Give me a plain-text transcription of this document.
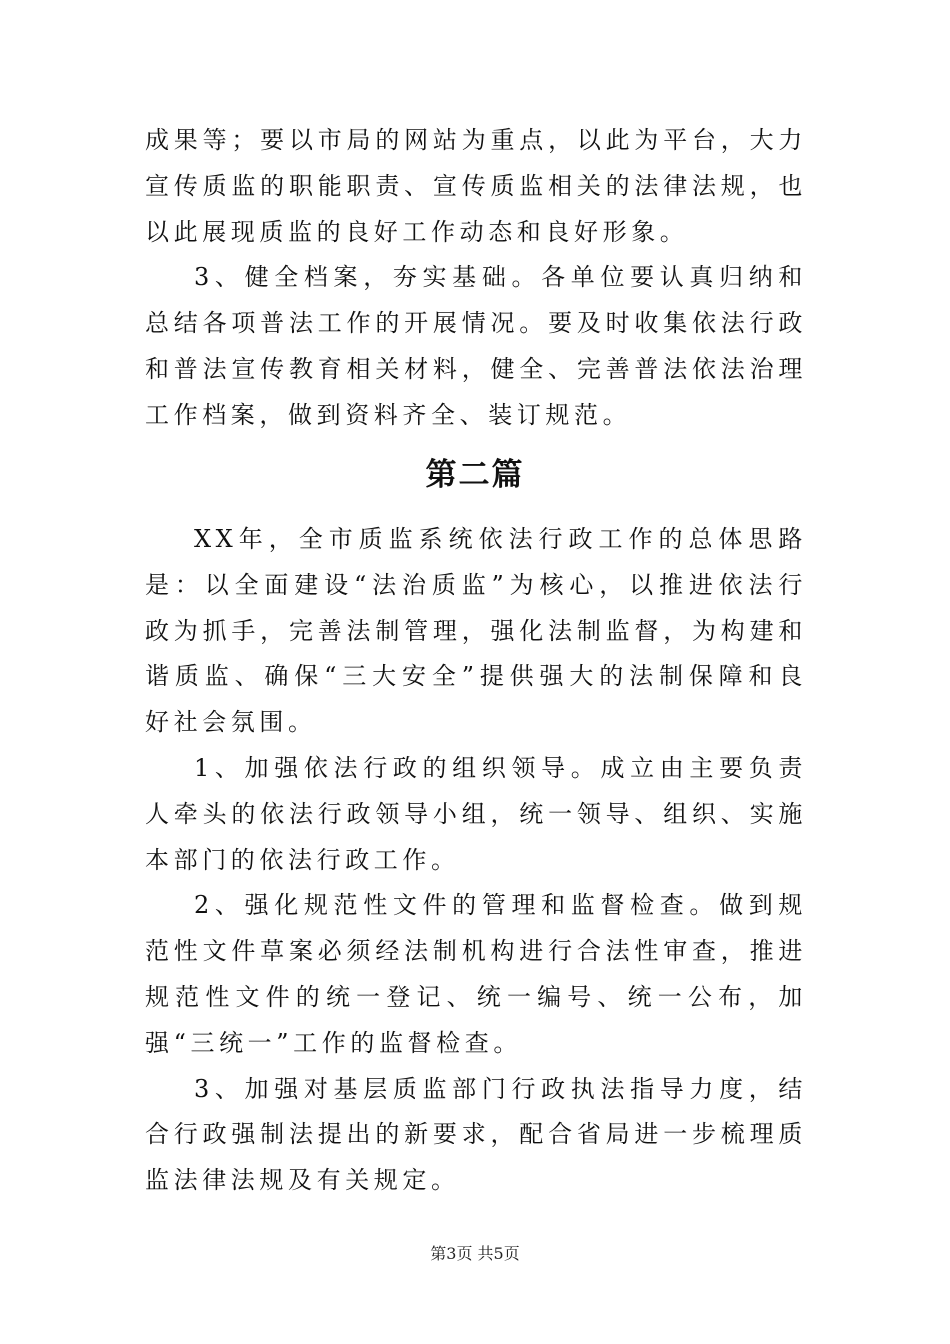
成果等；要以市局的网站为重点，以此为平台，大力宣传质监的职能职责、宣传质监相关的法律法规，也以此展现质监的良好工作动态和良好形象。

3、健全档案，夯实基础。各单位要认真归纳和总结各项普法工作的开展情况。要及时收集依法行政和普法宣传教育相关材料，健全、完善普法依法治理工作档案，做到资料齐全、装订规范。

第二篇

XX年，全市质监系统依法行政工作的总体思路是：以全面建设“法治质监”为核心，以推进依法行政为抓手，完善法制管理，强化法制监督，为构建和谐质监、确保“三大安全”提供强大的法制保障和良好社会氛围。

1、加强依法行政的组织领导。成立由主要负责人牵头的依法行政领导小组，统一领导、组织、实施本部门的依法行政工作。

2、强化规范性文件的管理和监督检查。做到规范性文件草案必须经法制机构进行合法性审查，推进规范性文件的统一登记、统一编号、统一公布，加强“三统一”工作的监督检查。

3、加强对基层质监部门行政执法指导力度，结合行政强制法提出的新要求，配合省局进一步梳理质监法律法规及有关规定。

第3页 共5页
